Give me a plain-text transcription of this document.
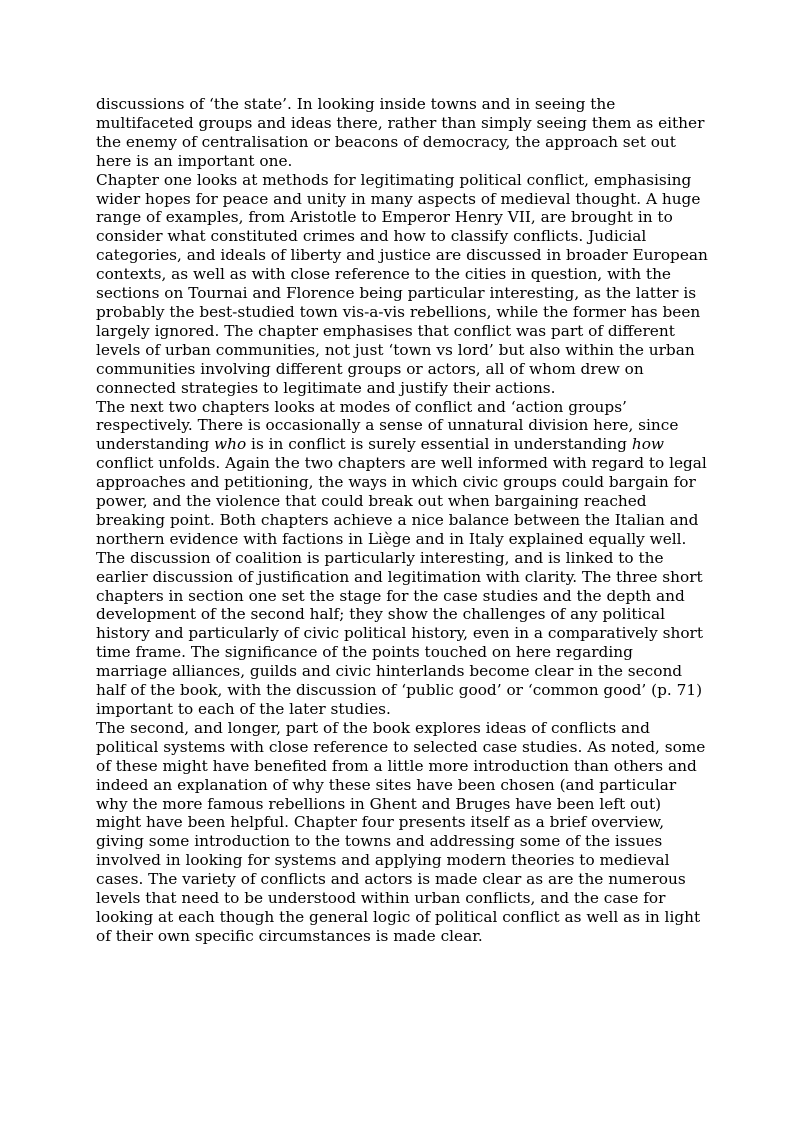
discussions of ‘the state’. In looking inside towns and in seeing the multifaceted groups and ideas there, rather than simply seeing them as either the enemy of centralisation or beacons of democracy, the approach set out here is an important one.

Chapter one looks at methods for legitimating political conflict, emphasising wider hopes for peace and unity in many aspects of medieval thought. A huge range of examples, from Aristotle to Emperor Henry VII, are brought in to consider what constituted crimes and how to classify conflicts. Judicial categories, and ideals of liberty and justice are discussed in broader European contexts, as well as with close reference to the cities in question, with the sections on Tournai and Florence being particular interesting, as the latter is probably the best-studied town vis-a-vis rebellions, while the former has been largely ignored. The chapter emphasises that conflict was part of different levels of urban communities, not just ‘town vs lord’ but also within the urban communities involving different groups or actors, all of whom drew on connected strategies to legitimate and justify their actions.

The next two chapters looks at modes of conflict and ‘action groups’ respectively. There is occasionally a sense of unnatural division here, since understanding who is in conflict is surely essential in understanding how conflict unfolds. Again the two chapters are well informed with regard to legal approaches and petitioning, the ways in which civic groups could bargain for power, and the violence that could break out when bargaining reached breaking point. Both chapters achieve a nice balance between the Italian and northern evidence with factions in Liège and in Italy explained equally well. The discussion of coalition is particularly interesting, and is linked to the earlier discussion of justification and legitimation with clarity. The three short chapters in section one set the stage for the case studies and the depth and development of the second half; they show the challenges of any political history and particularly of civic political history, even in a comparatively short time frame. The significance of the points touched on here regarding marriage alliances, guilds and civic hinterlands become clear in the second half of the book, with the discussion of ‘public good’ or ‘common good’ (p. 71) important to each of the later studies.

The second, and longer, part of the book explores ideas of conflicts and political systems with close reference to selected case studies. As noted, some of these might have benefited from a little more introduction than others and indeed an explanation of why these sites have been chosen (and particular why the more famous rebellions in Ghent and Bruges have been left out) might have been helpful. Chapter four presents itself as a brief overview, giving some introduction to the towns and addressing some of the issues involved in looking for systems and applying modern theories to medieval cases. The variety of conflicts and actors is made clear as are the numerous levels that need to be understood within urban conflicts, and the case for looking at each though the general logic of political conflict as well as in light of their own specific circumstances is made clear.
